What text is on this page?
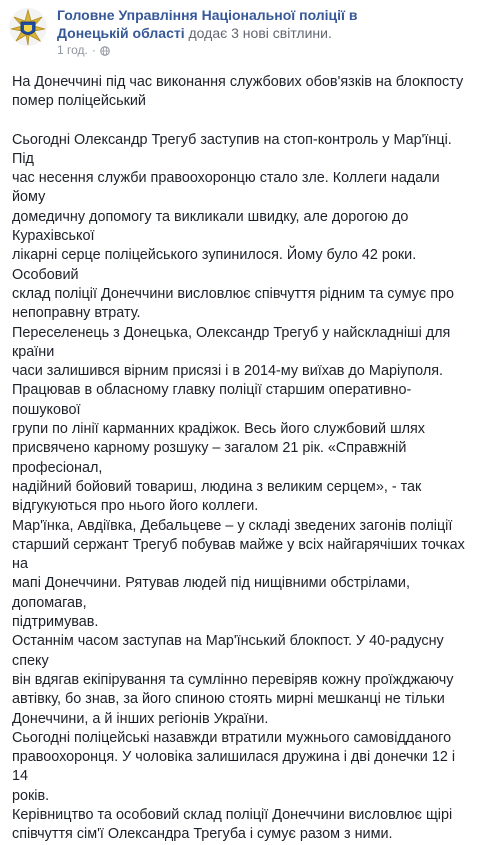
Головне Управління Національної поліції в
Донецькій області додає 3 нові світлини.
1 год. ·

На Донеччині під час виконання службових обов'язків на блокпосту
помер поліцейський

Сьогодні Олександр Трегуб заступив на стоп-контроль у Мар'їнці. Під
час несення служби правоохоронцю стало зле. Коллеги надали йому
домедичну допомогу та викликали швидку, але дорогою до Курахівської
лікарні серце поліцейського зупинилося. Йому було 42 роки. Особовий
склад поліції Донеччини висловлює співчуття рідним та сумує про
непоправну втрату.

Переселенець з Донецька, Олександр Трегуб у найскладніші для країни
часи залишився вірним присязі і в 2014-му виїхав до Маріуполя.

Працював в обласному главку поліції старшим оперативно-пошукової
групи по лінії карманних крадіжок. Весь його службовий шлях
присвячено карному розшуку – загалом 21 рік. «Справжній професіонал,
надійний бойовий товариш, людина з великим серцем», - так
відгукуються про нього його коллеги.

Мар'їнка, Авдіївка, Дебальцеве – у складі зведених загонів поліції
старший сержант Трегуб побував майже у всіх найгарячіших точках на
мапі Донеччини. Рятував людей під нищівними обстрілами, допомагав,
підтримував.

Останнім часом заступав на Мар'їнський блокпост. У 40-радусну спеку
він вдягав екіпірування та сумлінно перевіряв кожну проїжджаючу
автівку, бо знав, за його спиною стоять мирні мешканці не тільки
Донеччини, а й інших регіонів України.

Сьогодні поліцейські назавжди втратили мужнього самовідданого
правоохоронця. У чоловіка залишилася дружина і дві донечки 12 і 14
років.

Керівництво та особовий склад поліції Донеччини висловлює щірі
співчуття сім'ї Олександра Трегуба і сумує разом з ними.
